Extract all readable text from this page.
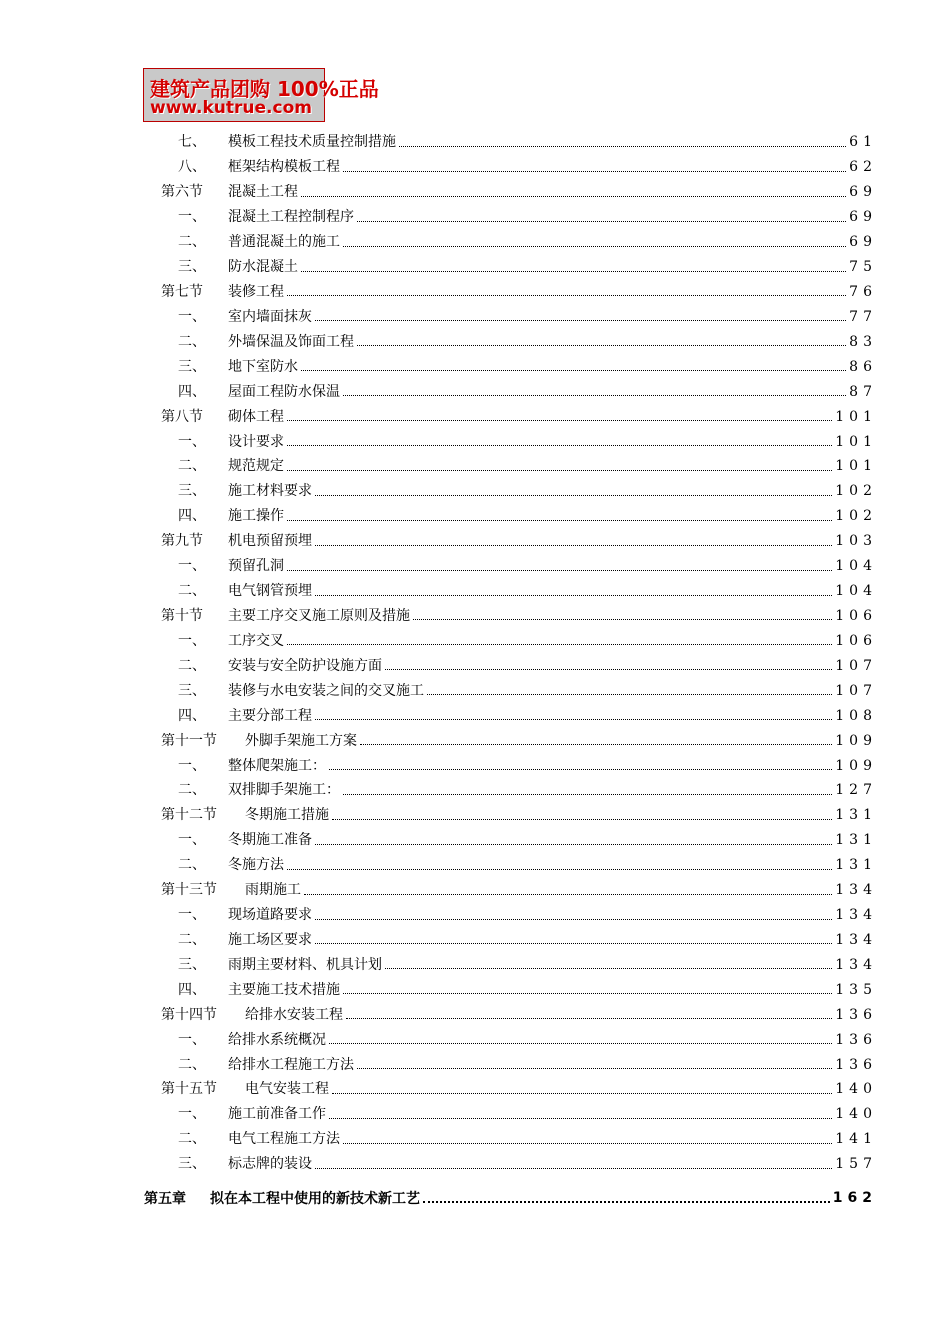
建筑产品团购 100%正品
www.kutrue.com
七、	模板工程技术质量控制措施	61
八、	框架结构模板工程	62
第六节	混凝土工程	69
一、	混凝土工程控制程序	69
二、	普通混凝土的施工	69
三、	防水混凝土	75
第七节	装修工程	76
一、	室内墙面抹灰	77
二、	外墙保温及饰面工程	83
三、	地下室防水	86
四、	屋面工程防水保温	87
第八节	砌体工程	101
一、	设计要求	101
二、	规范规定	101
三、	施工材料要求	102
四、	施工操作	102
第九节	机电预留预埋	103
一、	预留孔洞	104
二、	电气钢管预埋	104
第十节	主要工序交叉施工原则及措施	106
一、	工序交叉	106
二、	安装与安全防护设施方面	107
三、	装修与水电安装之间的交叉施工	107
四、	主要分部工程	108
第十一节	外脚手架施工方案	109
一、	整体爬架施工：	109
二、	双排脚手架施工：	127
第十二节	冬期施工措施	131
一、	冬期施工准备	131
二、	冬施方法	131
第十三节	雨期施工	134
一、	现场道路要求	134
二、	施工场区要求	134
三、	雨期主要材料、机具计划	134
四、	主要施工技术措施	135
第十四节	给排水安装工程	136
一、	给排水系统概况	136
二、	给排水工程施工方法	136
第十五节	电气安装工程	140
一、	施工前准备工作	140
二、	电气工程施工方法	141
三、	标志牌的装设	157
第五章	拟在本工程中使用的新技术新工艺	162
